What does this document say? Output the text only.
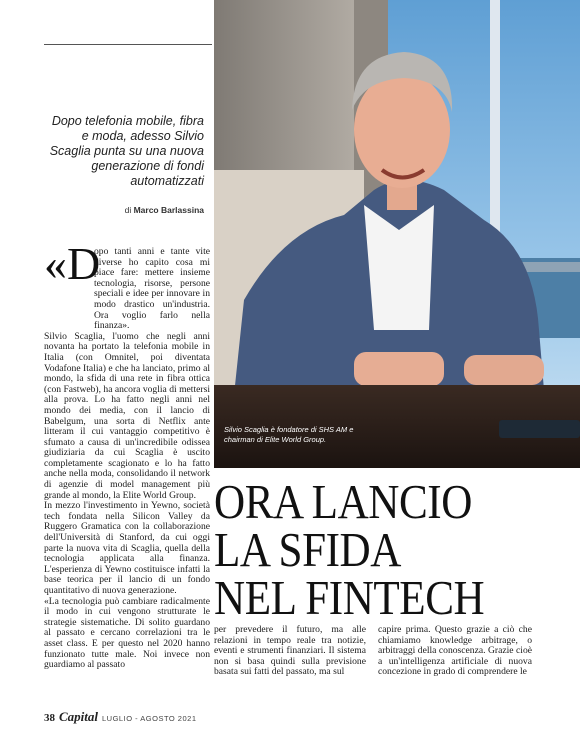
Dopo telefonia mobile, fibra e moda, adesso Silvio Scaglia punta su una nuova generazione di fondi automatizzati
di Marco Barlassina
Silvio Scaglia è fondatore di SHS AM e chairman di Elite World Group.

«D
opo tanti anni e tante vite diverse ho capito cosa mi piace fare: mettere insieme tecnologia, risorse, persone speciali e idee per innovare in modo drastico un'industria. Ora voglio farlo nella finanza».

Silvio Scaglia, l'uomo che negli anni novanta ha portato la telefonia mobile in Italia (con Omnitel, poi diventata Vodafone Italia) e che ha lanciato, primo al mondo, la sfida di una rete in fibra ottica (con Fastweb), ha ancora voglia di mettersi alla prova. Lo ha fatto negli anni nel mondo dei media, con il lancio di Babelgum, una sorta di Netflix ante litteram il cui vantaggio competitivo è sfumato a causa di un'incredibile odissea giudiziaria da cui Scaglia è uscito completamente scagionato e lo ha fatto anche nella moda, consolidando il network di agenzie di model management più grande al mondo, la Elite World Group.

In mezzo l'investimento in Yewno, società tech fondata nella Silicon Valley da Ruggero Gramatica con la collaborazione dell'Università di Stanford, da cui oggi parte la nuova vita di Scaglia, quella della tecnologia applicata alla finanza. L'esperienza di Yewno costituisce infatti la base teorica per il lancio di un fondo quantitativo di nuova generazione.

«La tecnologia può cambiare radicalmente il modo in cui vengono strutturate le strategie sistematiche. Di solito guardano al passato e cercano correlazioni tra le asset class. E per questo nel 2020 hanno funzionato tutte male. Noi invece non guardiamo al passato

ORA LANCIO
LA SFIDA
NEL FINTECH
per prevedere il futuro, ma alle relazioni in tempo reale tra notizie, eventi e strumenti finanziari. Il sistema non si basa quindi sulla previsione basata sui fatti del passato, ma sul
capire prima. Questo grazie a ciò che chiamiamo knowledge arbitrage, o arbitraggi della conoscenza. Grazie cioè a un'intelligenza artificiale di nuova concezione in grado di comprendere le
38 Capital LUGLIO - AGOSTO 2021
